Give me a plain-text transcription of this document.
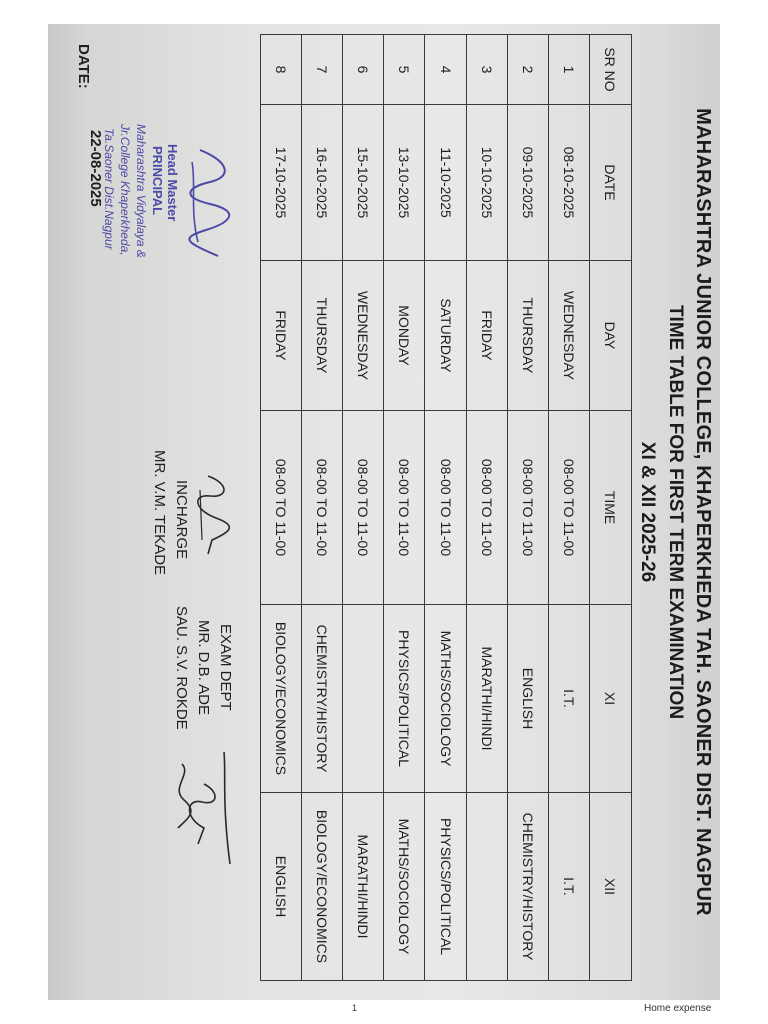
MAHARASHTRA JUNIOR COLLEGE, KHAPERKHEDA TAH. SAONER DIST. NAGPUR
TIME TABLE FOR FIRST TERM EXAMINATION
XI & XII 2025-26
SR NO	DATE	DAY	TIME	XI	XII
1	08-10-2025	WEDNESDAY	08-00 TO 11-00	I.T.	I.T.
2	09-10-2025	THURSDAY	08-00 TO 11-00	ENGLISH	CHEMISTRY/HISTORY
3	10-10-2025	FRIDAY	08-00 TO 11-00	MARATHI/HINDI	
4	11-10-2025	SATURDAY	08-00 TO 11-00	MATHS/SOCIOLOGY	PHYSICS/POLITICAL
5	13-10-2025	MONDAY	08-00 TO 11-00	PHYSICS/POLITICAL	MATHS/SOCIOLOGY
6	15-10-2025	WEDNESDAY	08-00 TO 11-00		MARATHI/HINDI
7	16-10-2025	THURSDAY	08-00 TO 11-00	CHEMISTRY/HISTORY	BIOLOGY/ECONOMICS
8	17-10-2025	FRIDAY	08-00 TO 11-00	BIOLOGY/ECONOMICS	ENGLISH
Head Master
PRINCIPAL
Maharashtra Vidyalaya &
Jr.College Khaperkheda,
Ta.Saoner Dist.Nagpur
DATE:
22-08-2025
INCHARGE
MR. V.M. TEKADE
EXAM DEPT
MR. D.B. ADE
SAU. S.V. ROKDE
1	Home expense
